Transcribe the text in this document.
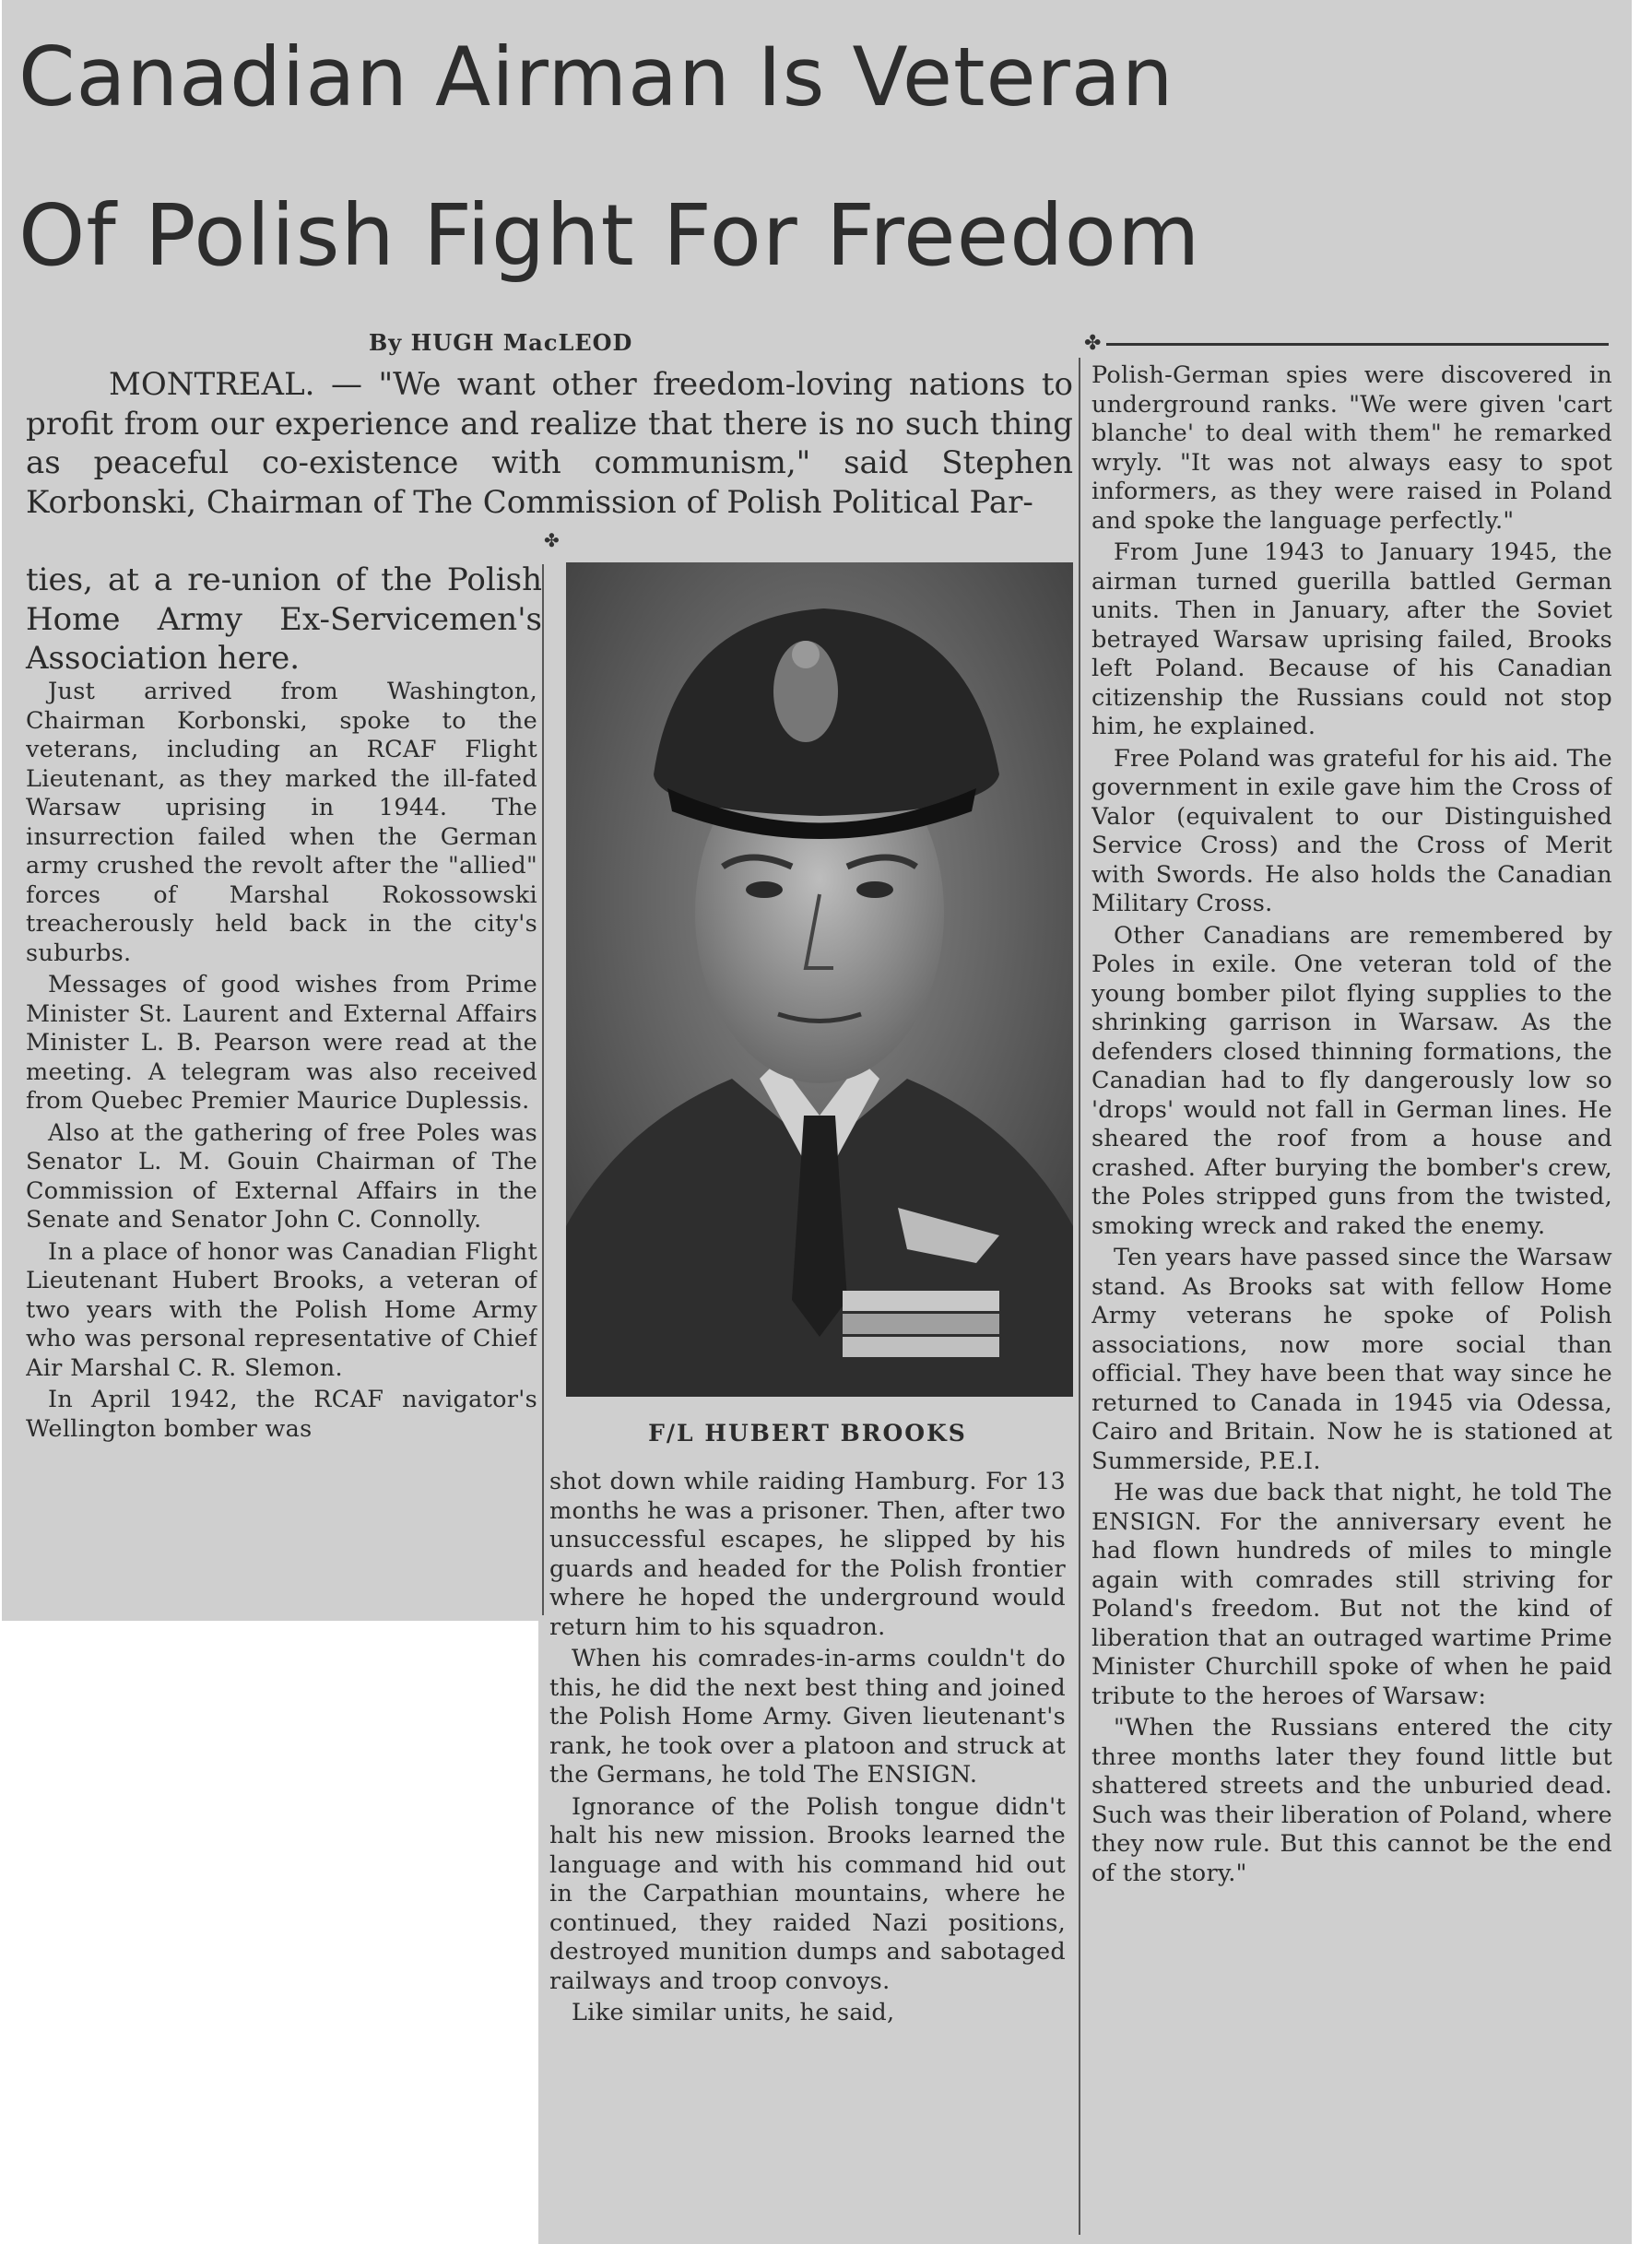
Canadian Airman Is Veteran
Of Polish Fight For Freedom
By HUGH MacLEOD	✤

MONTREAL. — "We want other freedom-loving nations to profit from our experience and realize that there is no such thing as peaceful co-existence with communism," said Stephen Korbonski, Chairman of The Commission of Polish Political Par-

✤

ties, at a re-union of the Polish Home Army Ex-Servicemen's Association here.

Just arrived from Washington, Chairman Korbonski, spoke to the veterans, including an RCAF Flight Lieutenant, as they marked the ill-fated Warsaw uprising in 1944. The insurrection failed when the German army crushed the revolt after the "allied" forces of Marshal Rokossowski treacherously held back in the city's suburbs.

Messages of good wishes from Prime Minister St. Laurent and External Affairs Minister L. B. Pearson were read at the meeting. A telegram was also received from Quebec Premier Maurice Duplessis.

Also at the gathering of free Poles was Senator L. M. Gouin Chairman of The Commission of External Affairs in the Senate and Senator John C. Connolly.

In a place of honor was Canadian Flight Lieutenant Hubert Brooks, a veteran of two years with the Polish Home Army who was personal representative of Chief Air Marshal C. R. Slemon.

In April 1942, the RCAF navigator's Wellington bomber was	F/L HUBERT BROOKS

shot down while raiding Hamburg. For 13 months he was a prisoner. Then, after two unsuccessful escapes, he slipped by his guards and headed for the Polish frontier where he hoped the underground would return him to his squadron.

When his comrades-in-arms couldn't do this, he did the next best thing and joined the Polish Home Army. Given lieutenant's rank, he took over a platoon and struck at the Germans, he told The ENSIGN.

Ignorance of the Polish tongue didn't halt his new mission. Brooks learned the language and with his command hid out in the Carpathian mountains, where he continued, they raided Nazi positions, destroyed munition dumps and sabotaged railways and troop convoys.

Like similar units, he said,

Polish-German spies were discovered in underground ranks. "We were given 'cart blanche' to deal with them" he remarked wryly. "It was not always easy to spot informers, as they were raised in Poland and spoke the language perfectly."

From June 1943 to January 1945, the airman turned guerilla battled German units. Then in January, after the Soviet betrayed Warsaw uprising failed, Brooks left Poland. Because of his Canadian citizenship the Russians could not stop him, he explained.

Free Poland was grateful for his aid. The government in exile gave him the Cross of Valor (equivalent to our Distinguished Service Cross) and the Cross of Merit with Swords. He also holds the Canadian Military Cross.

Other Canadians are remembered by Poles in exile. One veteran told of the young bomber pilot flying supplies to the shrinking garrison in Warsaw. As the defenders closed thinning formations, the Canadian had to fly dangerously low so 'drops' would not fall in German lines. He sheared the roof from a house and crashed. After burying the bomber's crew, the Poles stripped guns from the twisted, smoking wreck and raked the enemy.

Ten years have passed since the Warsaw stand. As Brooks sat with fellow Home Army veterans he spoke of Polish associations, now more social than official. They have been that way since he returned to Canada in 1945 via Odessa, Cairo and Britain. Now he is stationed at Summerside, P.E.I.

He was due back that night, he told The ENSIGN. For the anniversary event he had flown hundreds of miles to mingle again with comrades still striving for Poland's freedom. But not the kind of liberation that an outraged wartime Prime Minister Churchill spoke of when he paid tribute to the heroes of Warsaw:

"When the Russians entered the city three months later they found little but shattered streets and the unburied dead. Such was their liberation of Poland, where they now rule. But this cannot be the end of the story."
